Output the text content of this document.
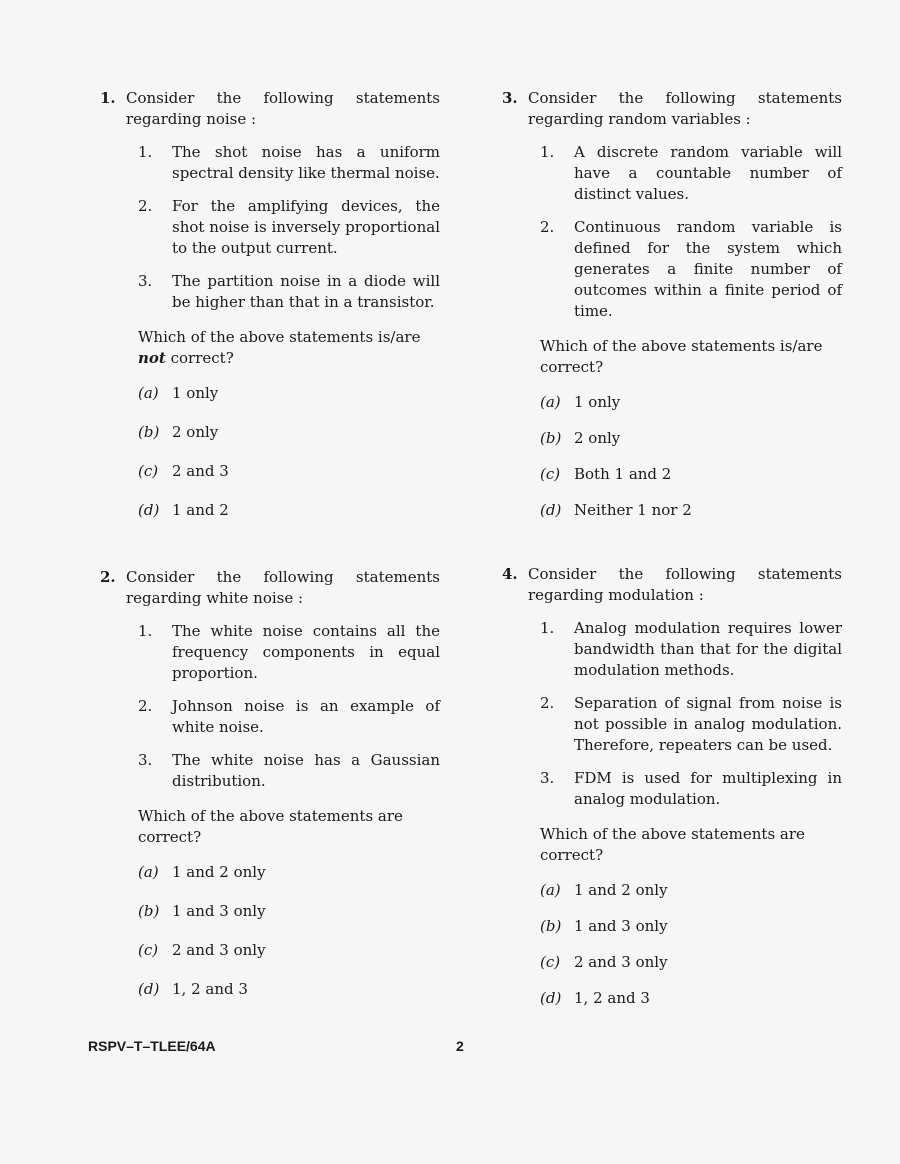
1. Consider the following statements regarding noise :
1.	The shot noise has a uniform spectral density like thermal noise.
2.	For the amplifying devices, the shot noise is inversely proportional to the output current.
3.	The partition noise in a diode will be higher than that in a transistor.
Which of the above statements is/are not correct?
(a) 1 only
(b) 2 only
(c) 2 and 3
(d) 1 and 2
2. Consider the following statements regarding white noise :
1.	The white noise contains all the frequency components in equal proportion.
2.	Johnson noise is an example of white noise.
3.	The white noise has a Gaussian distribution.
Which of the above statements are correct?
(a) 1 and 2 only
(b) 1 and 3 only
(c) 2 and 3 only
(d) 1, 2 and 3
3. Consider the following statements regarding random variables :
1.	A discrete random variable will have a countable number of distinct values.
2.	Continuous random variable is defined for the system which generates a finite number of outcomes within a finite period of time.
Which of the above statements is/are correct?
(a) 1 only
(b) 2 only
(c) Both 1 and 2
(d) Neither 1 nor 2
4. Consider the following statements regarding modulation :
1.	Analog modulation requires lower bandwidth than that for the digital modulation methods.
2.	Separation of signal from noise is not possible in analog modulation. Therefore, repeaters can be used.
3.	FDM is used for multiplexing in analog modulation.
Which of the above statements are correct?
(a) 1 and 2 only
(b) 1 and 3 only
(c) 2 and 3 only
(d) 1, 2 and 3
RSPV–T–TLEE/64A	2
